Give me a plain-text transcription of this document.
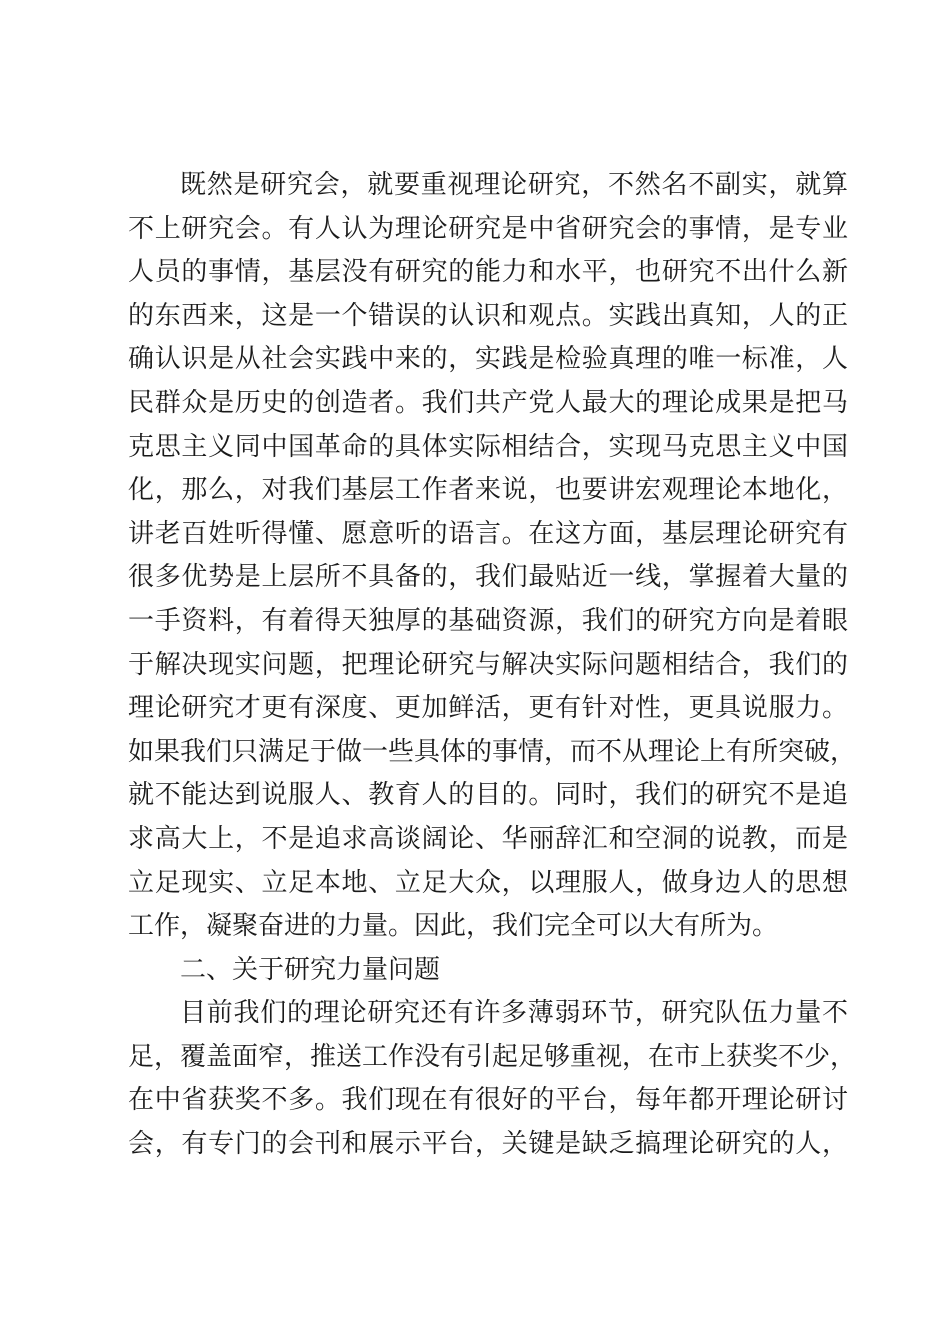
既然是研究会，就要重视理论研究，不然名不副实，就算
不上研究会。有人认为理论研究是中省研究会的事情，是专业
人员的事情，基层没有研究的能力和水平，也研究不出什么新
的东西来，这是一个错误的认识和观点。实践出真知，人的正
确认识是从社会实践中来的，实践是检验真理的唯一标准，人
民群众是历史的创造者。我们共产党人最大的理论成果是把马
克思主义同中国革命的具体实际相结合，实现马克思主义中国
化，那么，对我们基层工作者来说，也要讲宏观理论本地化，
讲老百姓听得懂、愿意听的语言。在这方面，基层理论研究有
很多优势是上层所不具备的，我们最贴近一线，掌握着大量的
一手资料，有着得天独厚的基础资源，我们的研究方向是着眼
于解决现实问题，把理论研究与解决实际问题相结合，我们的
理论研究才更有深度、更加鲜活，更有针对性，更具说服力。
如果我们只满足于做一些具体的事情，而不从理论上有所突破，
就不能达到说服人、教育人的目的。同时，我们的研究不是追
求高大上，不是追求高谈阔论、华丽辞汇和空洞的说教，而是
立足现实、立足本地、立足大众，以理服人，做身边人的思想
工作，凝聚奋进的力量。因此，我们完全可以大有所为。
二、关于研究力量问题
目前我们的理论研究还有许多薄弱环节，研究队伍力量不
足，覆盖面窄，推送工作没有引起足够重视，在市上获奖不少，
在中省获奖不多。我们现在有很好的平台，每年都开理论研讨
会，有专门的会刊和展示平台，关键是缺乏搞理论研究的人，
